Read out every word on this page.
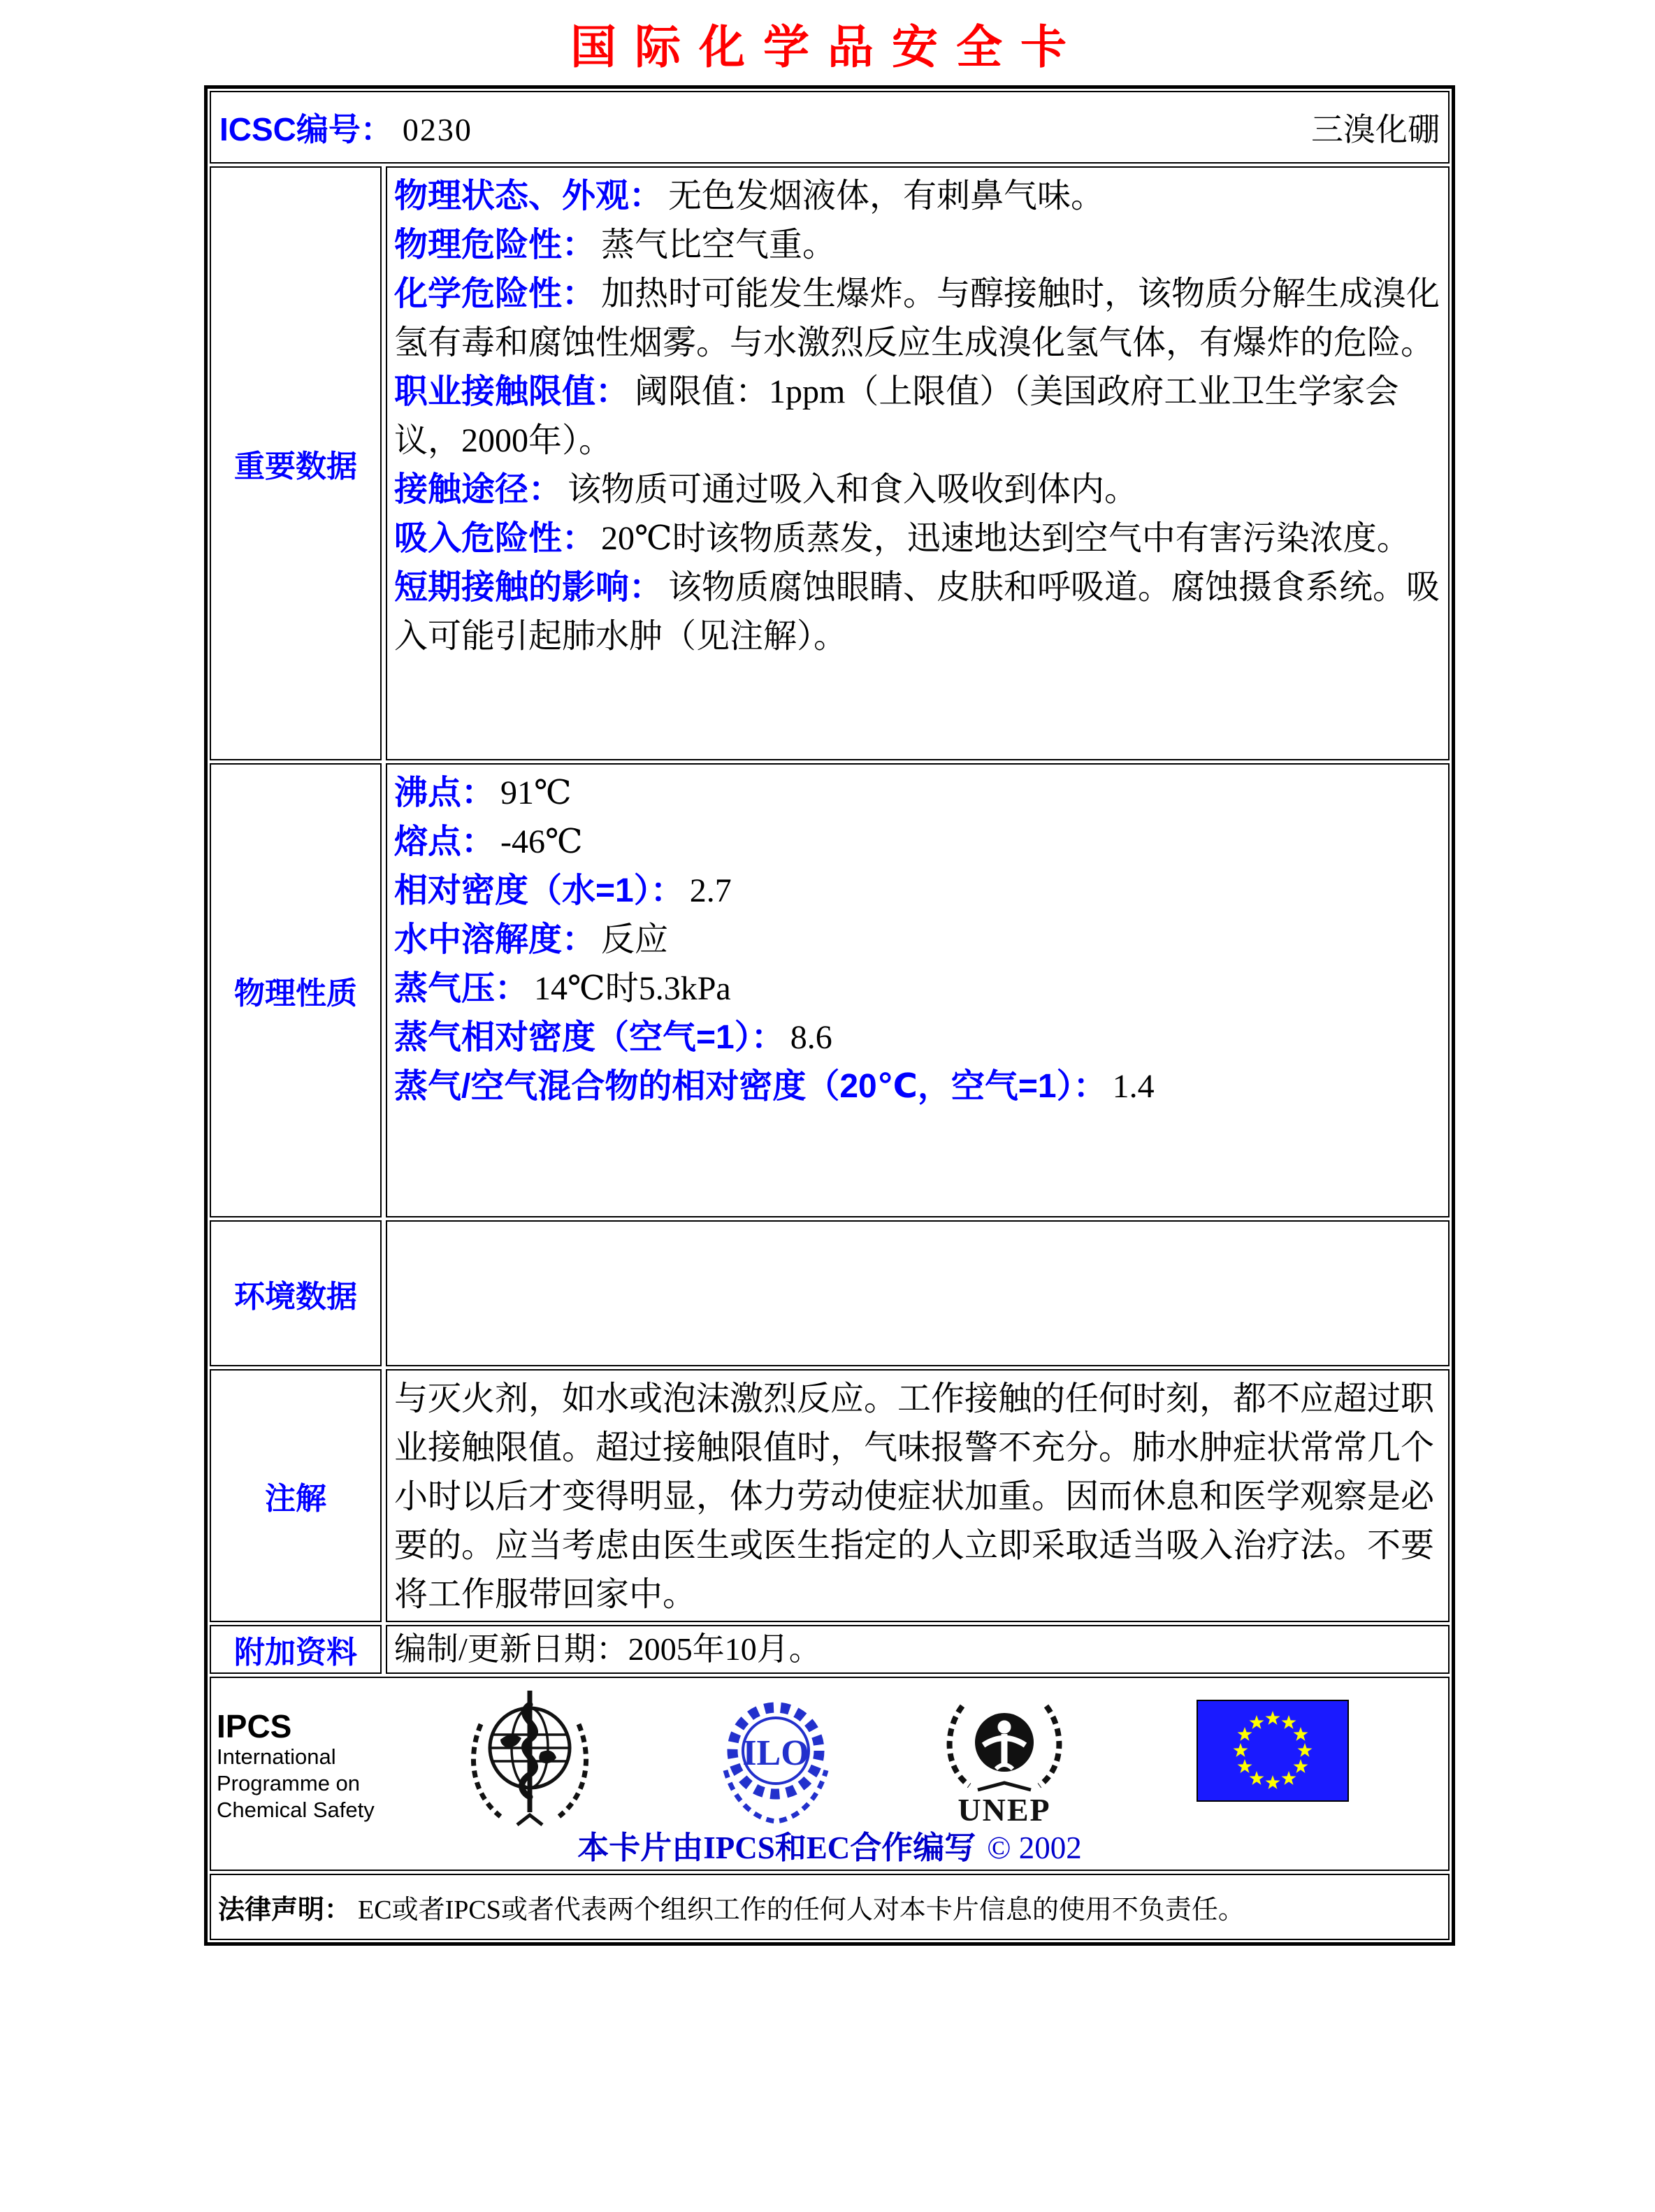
国际化学品安全卡
ICSC编号： 0230	三溴化硼
重要数据

物理状态、外观： 无色发烟液体，有刺鼻气味。

物理危险性： 蒸气比空气重。

化学危险性： 加热时可能发生爆炸。与醇接触时，该物质分解生成溴化氢有毒和腐蚀性烟雾。与水激烈反应生成溴化氢气体，有爆炸的危险。

职业接触限值： 阈限值：1ppm（上限值）（美国政府工业卫生学家会议，2000年）。

接触途径： 该物质可通过吸入和食入吸收到体内。

吸入危险性： 20℃时该物质蒸发，迅速地达到空气中有害污染浓度。

短期接触的影响： 该物质腐蚀眼睛、皮肤和呼吸道。腐蚀摄食系统。吸入可能引起肺水肿（见注解）。

物理性质

沸点： 91℃

熔点： -46℃

相对密度（水=1）： 2.7

水中溶解度： 反应

蒸气压： 14℃时5.3kPa

蒸气相对密度（空气=1）： 8.6

蒸气/空气混合物的相对密度（20℃，空气=1）： 1.4

环境数据
注解

与灭火剂，如水或泡沫激烈反应。工作接触的任何时刻，都不应超过职业接触限值。超过接触限值时，气味报警不充分。肺水肿症状常常几个小时以后才变得明显，体力劳动使症状加重。因而休息和医学观察是必要的。应当考虑由医生或医生指定的人立即采取适当吸入治疗法。不要将工作服带回家中。

附加资料	编制/更新日期：2005年10月。
IPCS
International
Programme on
Chemical Safety
ILO
UNEP
本卡片由IPCS和EC合作编写 © 2002
法律声明： EC或者IPCS或者代表两个组织工作的任何人对本卡片信息的使用不负责任。
